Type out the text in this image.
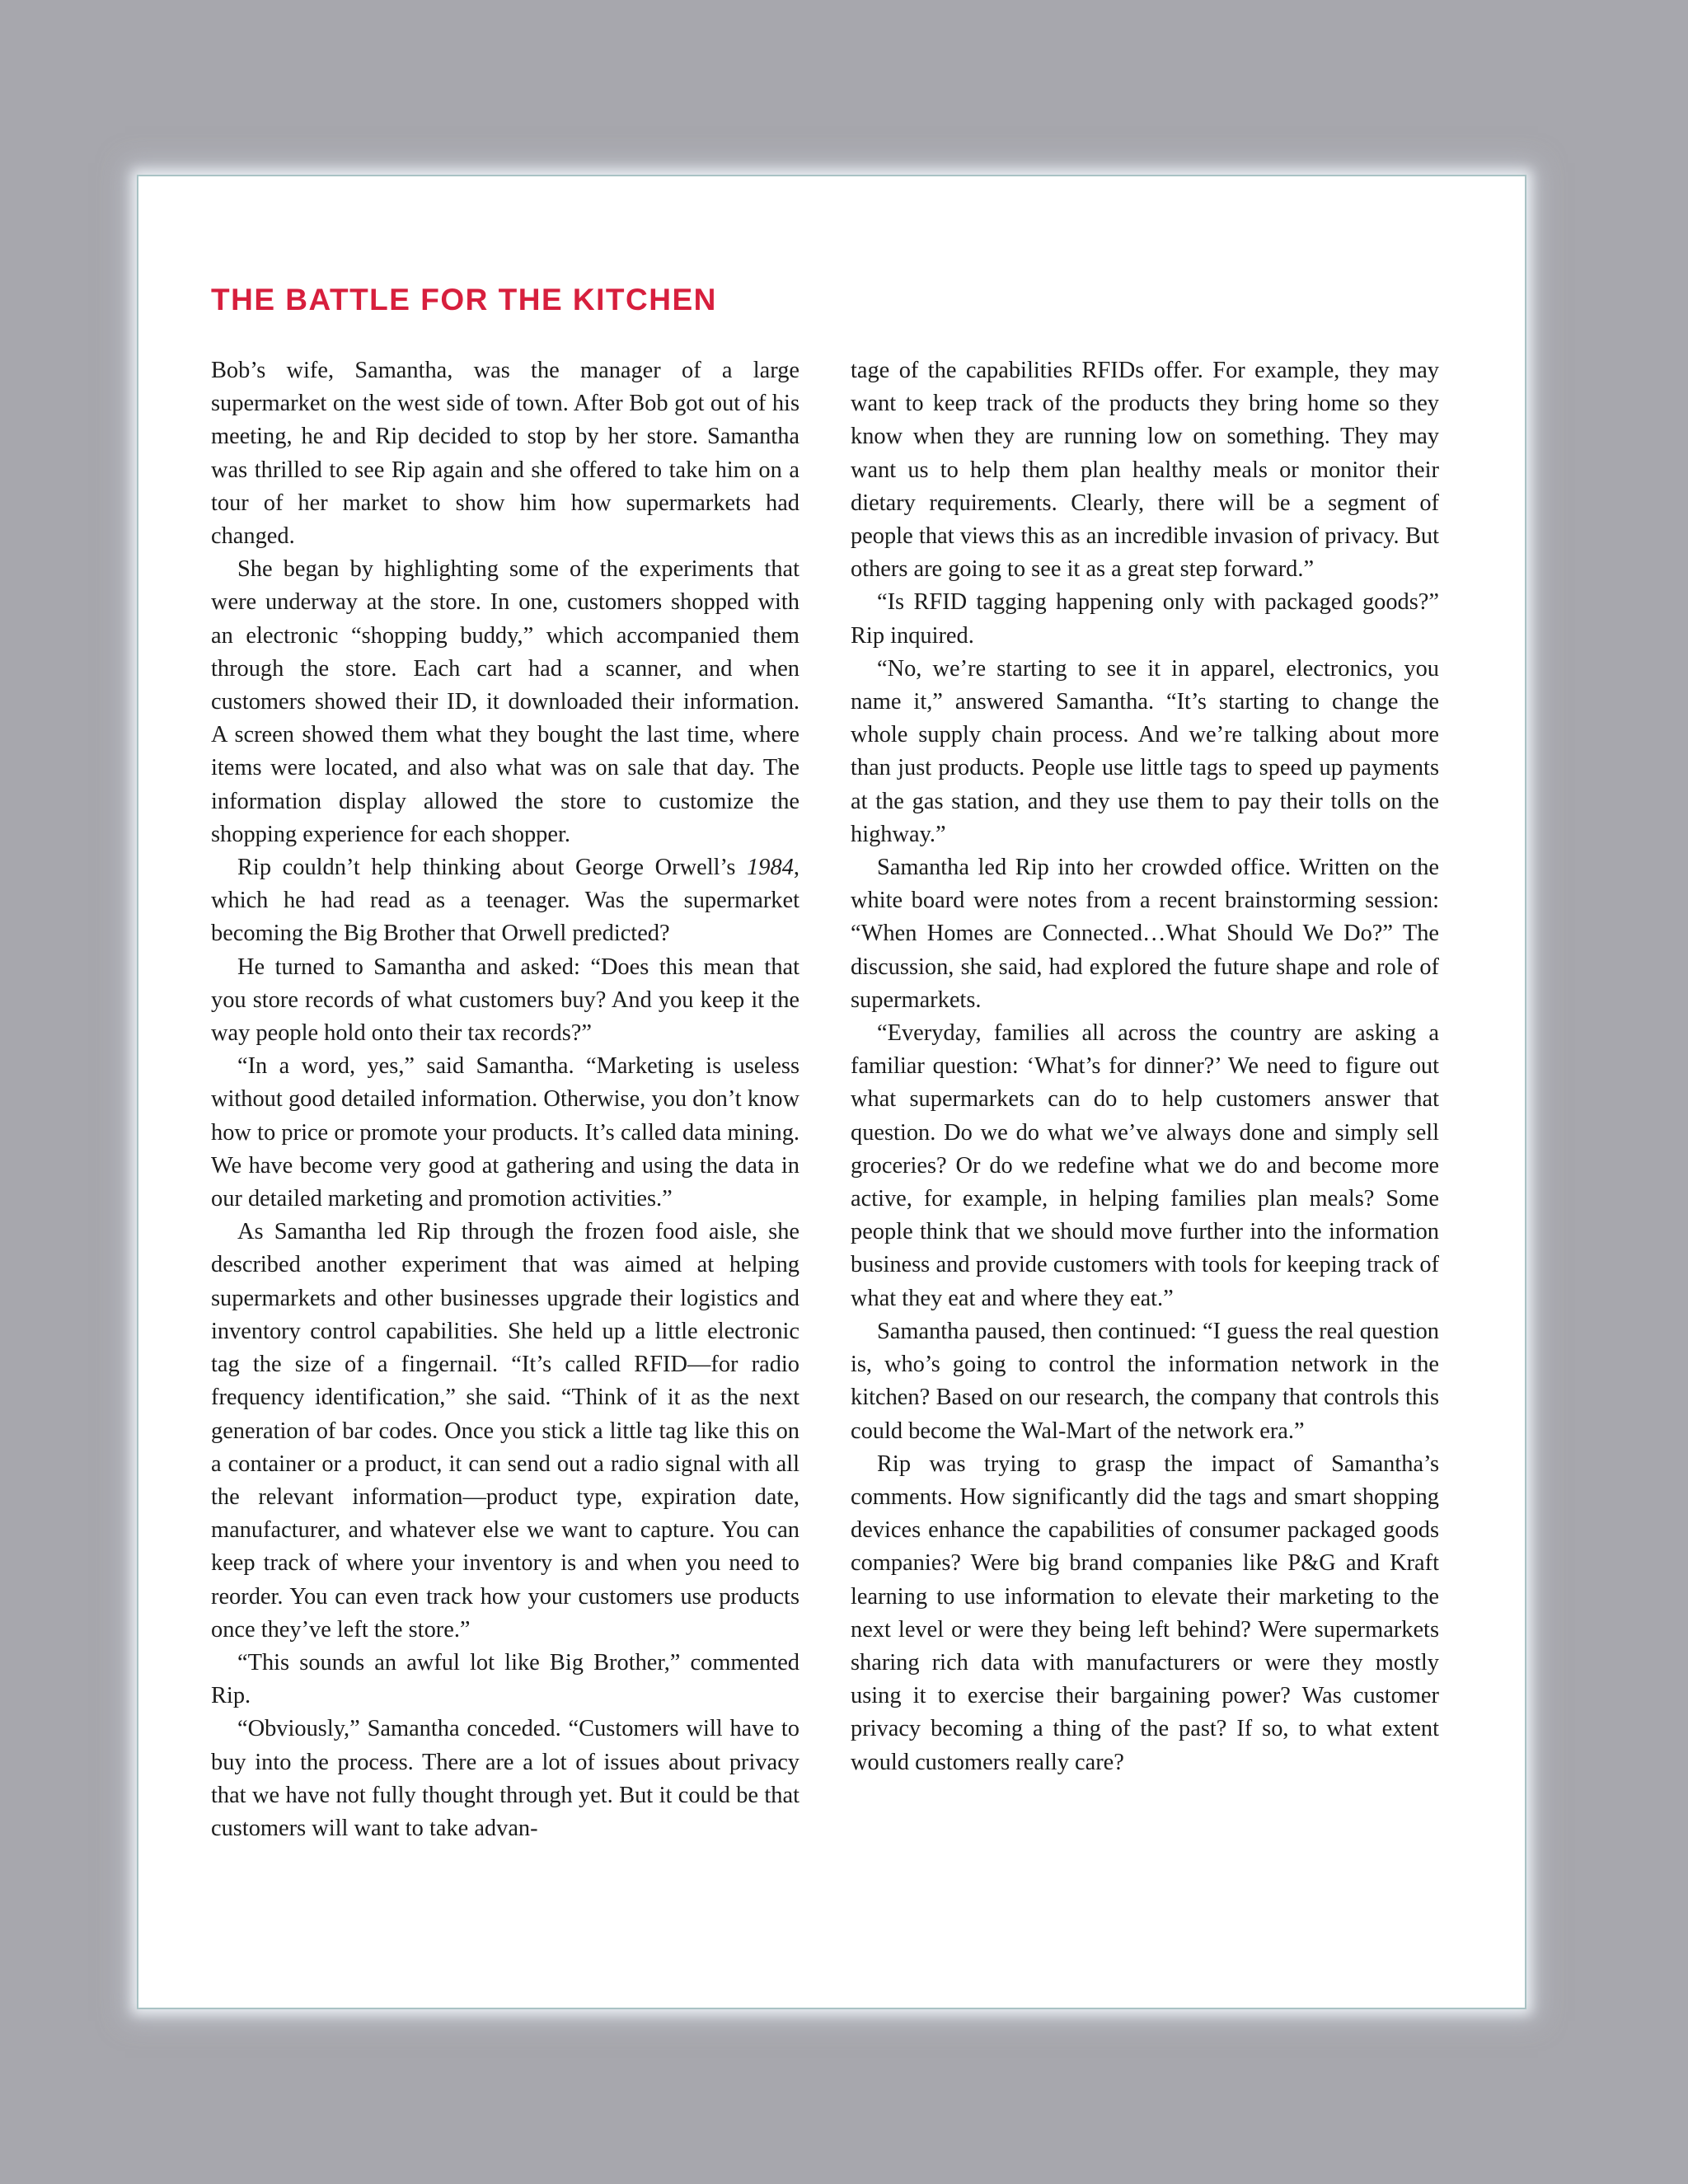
THE BATTLE FOR THE KITCHEN

Bob’s wife, Samantha, was the manager of a large supermarket on the west side of town. After Bob got out of his meeting, he and Rip decided to stop by her store. Samantha was thrilled to see Rip again and she offered to take him on a tour of her market to show him how supermarkets had changed.

She began by highlighting some of the experiments that were underway at the store. In one, customers shopped with an electronic “shopping buddy,” which accompanied them through the store. Each cart had a scanner, and when customers showed their ID, it downloaded their information. A screen showed them what they bought the last time, where items were located, and also what was on sale that day. The information display allowed the store to customize the shopping experience for each shopper.

Rip couldn’t help thinking about George Orwell’s 1984, which he had read as a teenager. Was the supermarket becoming the Big Brother that Orwell predicted?

He turned to Samantha and asked: “Does this mean that you store records of what customers buy? And you keep it the way people hold onto their tax records?”

“In a word, yes,” said Samantha. “Marketing is useless without good detailed information. Otherwise, you don’t know how to price or promote your products. It’s called data mining. We have become very good at gathering and using the data in our detailed marketing and promotion activities.”

As Samantha led Rip through the frozen food aisle, she described another experiment that was aimed at helping supermarkets and other businesses upgrade their logistics and inventory control capabilities. She held up a little electronic tag the size of a fingernail. “It’s called RFID—for radio frequency identification,” she said. “Think of it as the next generation of bar codes. Once you stick a little tag like this on a container or a product, it can send out a radio signal with all the relevant information—product type, expiration date, manufacturer, and whatever else we want to capture. You can keep track of where your inventory is and when you need to reorder. You can even track how your customers use products once they’ve left the store.”

“This sounds an awful lot like Big Brother,” commented Rip.

“Obviously,” Samantha conceded. “Customers will have to buy into the process. There are a lot of issues about privacy that we have not fully thought through yet. But it could be that customers will want to take advan-

tage of the capabilities RFIDs offer. For example, they may want to keep track of the products they bring home so they know when they are running low on something. They may want us to help them plan healthy meals or monitor their dietary requirements. Clearly, there will be a segment of people that views this as an incredible invasion of privacy. But others are going to see it as a great step forward.”

“Is RFID tagging happening only with packaged goods?” Rip inquired.

“No, we’re starting to see it in apparel, electronics, you name it,” answered Samantha. “It’s starting to change the whole supply chain process. And we’re talking about more than just products. People use little tags to speed up payments at the gas station, and they use them to pay their tolls on the highway.”

Samantha led Rip into her crowded office. Written on the white board were notes from a recent brainstorming session: “When Homes are Connected…What Should We Do?” The discussion, she said, had explored the future shape and role of supermarkets.

“Everyday, families all across the country are asking a familiar question: ‘What’s for dinner?’ We need to figure out what supermarkets can do to help customers answer that question. Do we do what we’ve always done and simply sell groceries? Or do we redefine what we do and become more active, for example, in helping families plan meals? Some people think that we should move further into the information business and provide customers with tools for keeping track of what they eat and where they eat.”

Samantha paused, then continued: “I guess the real question is, who’s going to control the information network in the kitchen? Based on our research, the company that controls this could become the Wal-Mart of the network era.”

Rip was trying to grasp the impact of Samantha’s comments. How significantly did the tags and smart shopping devices enhance the capabilities of consumer packaged goods companies? Were big brand companies like P&G and Kraft learning to use information to elevate their marketing to the next level or were they being left behind? Were supermarkets sharing rich data with manufacturers or were they mostly using it to exercise their bargaining power? Was customer privacy becoming a thing of the past? If so, to what extent would customers really care?
